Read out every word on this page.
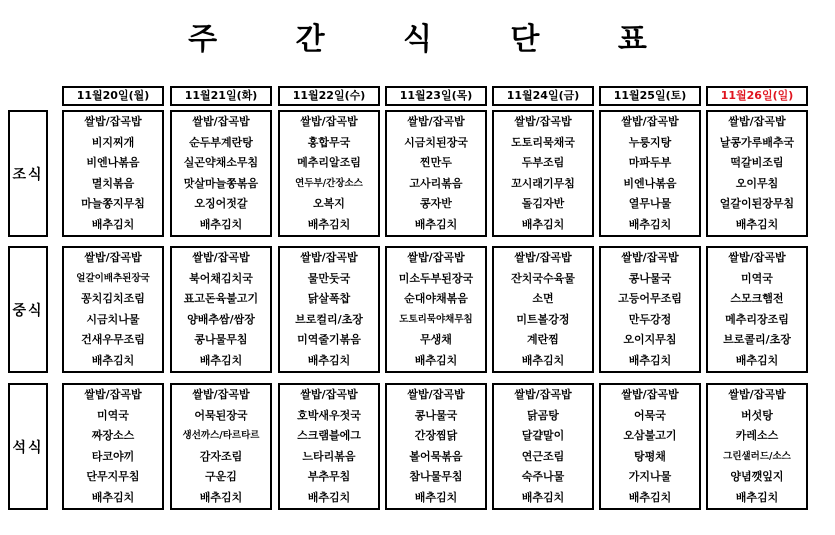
주 간 식 단 표
조식
중식
석식
11월20일(월)
쌀밥/잡곡밥
비지찌개
비엔나볶음
멸치볶음
마늘쫑지무침
배추김치
쌀밥/잡곡밥
얼갈이배추된장국
꽁치김치조림
시금치나물
건새우무조림
배추김치
쌀밥/잡곡밥
미역국
짜장소스
타코야끼
단무지무침
배추김치
11월21일(화)
쌀밥/잡곡밥
순두부계란탕
실곤약채소무침
맛살마늘쫑볶음
오징어젓갈
배추김치
쌀밥/잡곡밥
북어채김치국
표고돈육불고기
양배추쌈/쌈장
콩나물무침
배추김치
쌀밥/잡곡밥
어묵된장국
생선까스/타르타르
감자조림
구운김
배추김치
11월22일(수)
쌀밥/잡곡밥
홍합무국
메추리알조림
연두부/간장소스
오복지
배추김치
쌀밥/잡곡밥
물만둣국
닭살폭찹
브로컬리/초장
미역줄기볶음
배추김치
쌀밥/잡곡밥
호박새우젓국
스크램블에그
느타리볶음
부추무침
배추김치
11월23일(목)
쌀밥/잡곡밥
시금치된장국
찐만두
고사리볶음
콩자반
배추김치
쌀밥/잡곡밥
미소두부된장국
순대야채볶음
도토리묵야채무침
무생채
배추김치
쌀밥/잡곡밥
콩나물국
간장찜닭
볼어묵볶음
참나물무침
배추김치
11월24일(금)
쌀밥/잡곡밥
도토리묵채국
두부조림
꼬시래기무침
돌김자반
배추김치
쌀밥/잡곡밥
잔치국수육물
소면
미트볼강정
계란찜
배추김치
쌀밥/잡곡밥
닭곰탕
달걀말이
연근조림
숙주나물
배추김치
11월25일(토)
쌀밥/잡곡밥
누룽지탕
마파두부
비엔나볶음
열무나물
배추김치
쌀밥/잡곡밥
콩나물국
고등어무조림
만두강정
오이지무침
배추김치
쌀밥/잡곡밥
어묵국
오삼불고기
탕평채
가지나물
배추김치
11월26일(일)
쌀밥/잡곡밥
날콩가루배추국
떡갈비조림
오이무침
얼갈이된장무침
배추김치
쌀밥/잡곡밥
미역국
스모크햄전
메추리장조림
브로콜리/초장
배추김치
쌀밥/잡곡밥
버섯탕
카레소스
그린샐러드/소스
양념깻잎지
배추김치
